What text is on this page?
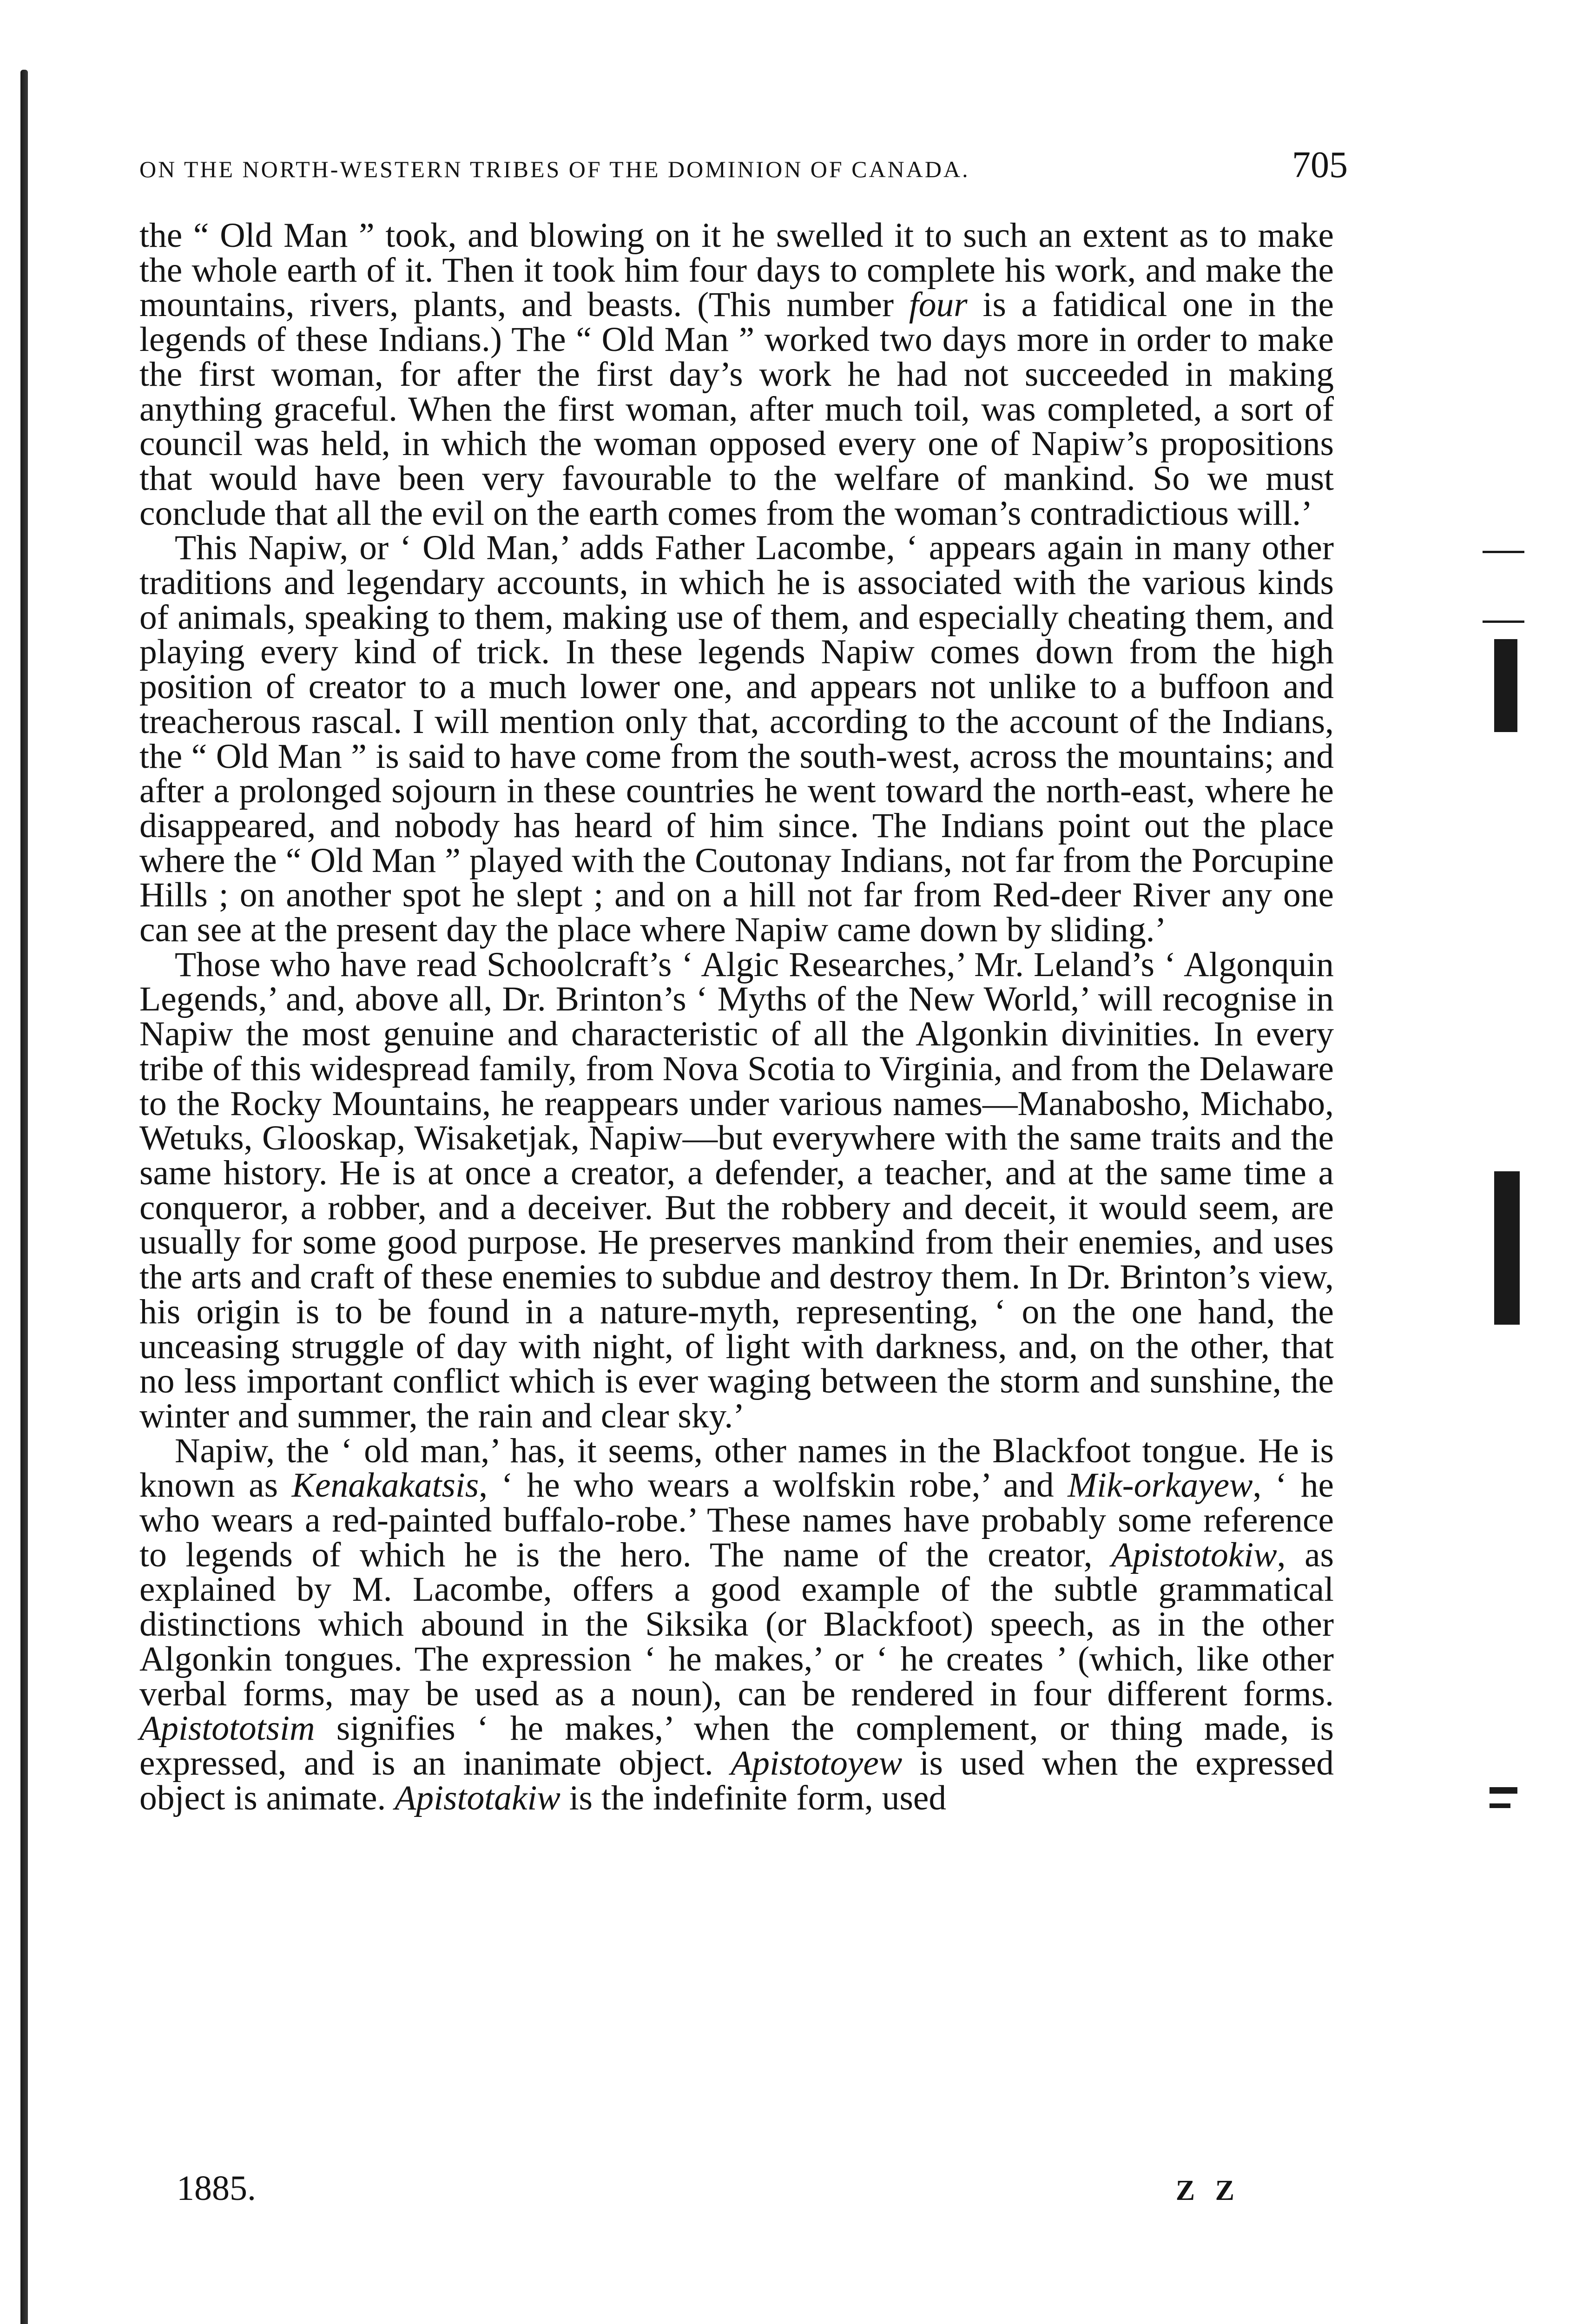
ON THE NORTH-WESTERN TRIBES OF THE DOMINION OF CANADA.	705

the “ Old Man ” took, and blowing on it he swelled it to such an extent as to make the whole earth of it. Then it took him four days to complete his work, and make the mountains, rivers, plants, and beasts. (This number four is a fatidical one in the legends of these Indians.) The “ Old Man ” worked two days more in order to make the first woman, for after the first day’s work he had not succeeded in making anything graceful. When the first woman, after much toil, was completed, a sort of council was held, in which the woman opposed every one of Napiw’s propositions that would have been very favourable to the welfare of mankind. So we must conclude that all the evil on the earth comes from the woman’s contradictious will.’

This Napiw, or ‘ Old Man,’ adds Father Lacombe, ‘ appears again in many other traditions and legendary accounts, in which he is associated with the various kinds of animals, speaking to them, making use of them, and especially cheating them, and playing every kind of trick. In these legends Napiw comes down from the high position of creator to a much lower one, and appears not unlike to a buffoon and treacherous rascal. I will mention only that, according to the account of the Indians, the “ Old Man ” is said to have come from the south-west, across the mountains; and after a prolonged sojourn in these countries he went toward the north-east, where he disappeared, and nobody has heard of him since. The Indians point out the place where the “ Old Man ” played with the Coutonay Indians, not far from the Porcupine Hills ; on another spot he slept ; and on a hill not far from Red-deer River any one can see at the present day the place where Napiw came down by sliding.’

Those who have read Schoolcraft’s ‘ Algic Researches,’ Mr. Leland’s ‘ Algonquin Legends,’ and, above all, Dr. Brinton’s ‘ Myths of the New World,’ will recognise in Napiw the most genuine and characteristic of all the Algonkin divinities. In every tribe of this widespread family, from Nova Scotia to Virginia, and from the Delaware to the Rocky Mountains, he reappears under various names—Manabosho, Michabo, Wetuks, Glooskap, Wisaketjak, Napiw—but everywhere with the same traits and the same history. He is at once a creator, a defender, a teacher, and at the same time a conqueror, a robber, and a deceiver. But the robbery and deceit, it would seem, are usually for some good purpose. He preserves mankind from their enemies, and uses the arts and craft of these enemies to subdue and destroy them. In Dr. Brinton’s view, his origin is to be found in a nature-myth, representing, ‘ on the one hand, the unceasing struggle of day with night, of light with darkness, and, on the other, that no less important conflict which is ever waging between the storm and sunshine, the winter and summer, the rain and clear sky.’

Napiw, the ‘ old man,’ has, it seems, other names in the Blackfoot tongue. He is known as Kenakakatsis, ‘ he who wears a wolfskin robe,’ and Mik-orkayew, ‘ he who wears a red-painted buffalo-robe.’ These names have probably some reference to legends of which he is the hero. The name of the creator, Apistotokiw, as explained by M. Lacombe, offers a good example of the subtle grammatical distinctions which abound in the Siksika (or Blackfoot) speech, as in the other Algonkin tongues. The expression ‘ he makes,’ or ‘ he creates ’ (which, like other verbal forms, may be used as a noun), can be rendered in four different forms. Apistototsim signifies ‘ he makes,’ when the complement, or thing made, is expressed, and is an inanimate object. Apistotoyew is used when the expressed object is animate. Apistotakiw is the indefinite form, used

1885.	Z Z
